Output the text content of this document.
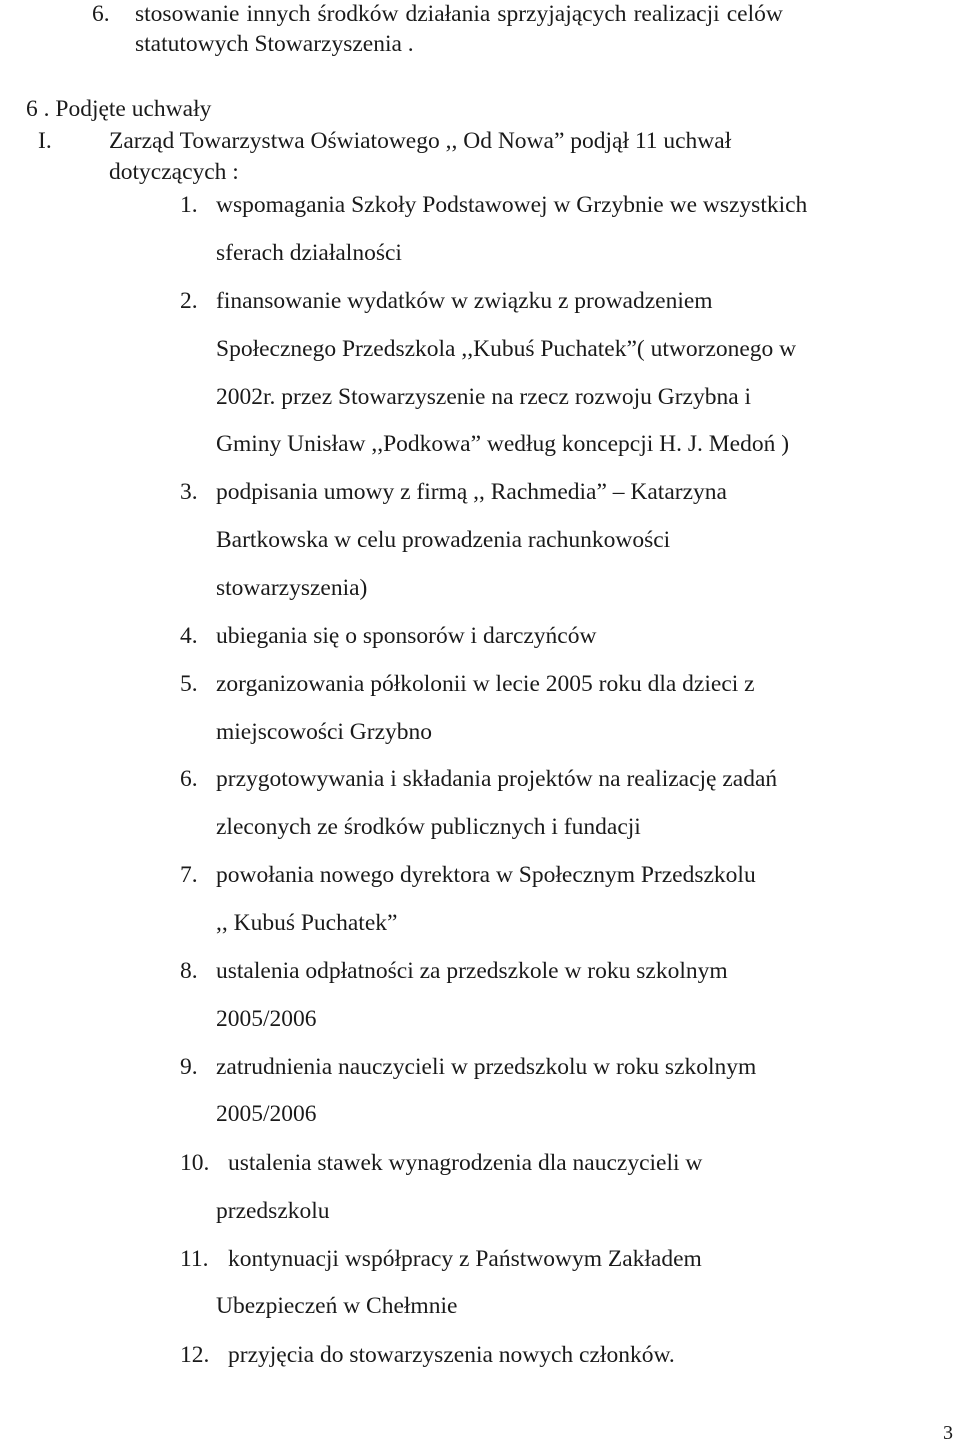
6. stosowanie innych środków działania sprzyjających realizacji celów
statutowych Stowarzyszenia .
6 . Podjęte uchwały
I. Zarząd Towarzystwa Oświatowego ,, Od Nowa” podjął 11 uchwał
dotyczących :
1. wspomagania Szkoły Podstawowej w Grzybnie we wszystkich
sferach działalności
2. finansowanie wydatków w związku z prowadzeniem
Społecznego Przedszkola ,,Kubuś Puchatek”( utworzonego w
2002r. przez Stowarzyszenie na rzecz rozwoju Grzybna i
Gminy Unisław ,,Podkowa” według koncepcji H. J. Medoń )
3. podpisania umowy z firmą ,, Rachmedia” – Katarzyna
Bartkowska w celu prowadzenia rachunkowości
stowarzyszenia)
4. ubiegania się o sponsorów i darczyńców
5. zorganizowania półkolonii w lecie 2005 roku dla dzieci z
miejscowości Grzybno
6. przygotowywania i składania projektów na realizację zadań
zleconych ze środków publicznych i fundacji
7. powołania nowego dyrektora w Społecznym Przedszkolu
,, Kubuś Puchatek”
8. ustalenia odpłatności za przedszkole w roku szkolnym
2005/2006
9. zatrudnienia nauczycieli w przedszkolu w roku szkolnym
2005/2006
10. ustalenia stawek wynagrodzenia dla nauczycieli w
przedszkolu
11. kontynuacji współpracy z Państwowym Zakładem
Ubezpieczeń w Chełmnie
12. przyjęcia do stowarzyszenia nowych członków.
3
